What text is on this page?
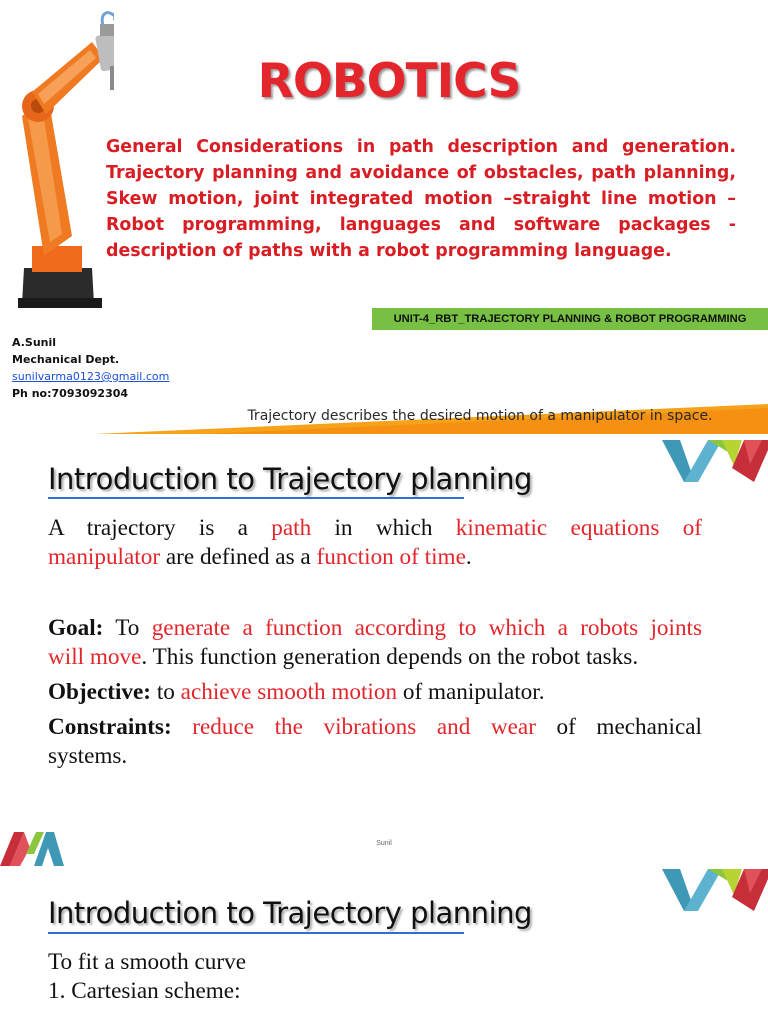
ROBOTICS
General Considerations in path description and generation.
Trajectory planning and avoidance of obstacles, path planning,
Skew motion, joint integrated motion –straight line motion –
Robot programming, languages and software packages -
description of paths with a robot programming language.
UNIT-4_RBT_TRAJECTORY PLANNING & ROBOT PROGRAMMING
A.Sunil
Mechanical Dept.
sunilvarma0123@gmail.com
Ph no:7093092304
Trajectory describes the desired motion of a manipulator in space.
Introduction to Trajectory planning
A trajectory is a path in which kinematic equations of
manipulator are defined as a function of time.
Goal: To generate a function according to which a robots joints
will move. This function generation depends on the robot tasks.
Objective: to achieve smooth motion of manipulator.
Constraints: reduce the vibrations and wear of mechanical
systems.
Sunil
Introduction to Trajectory planning
To fit a smooth curve
1. Cartesian scheme:
